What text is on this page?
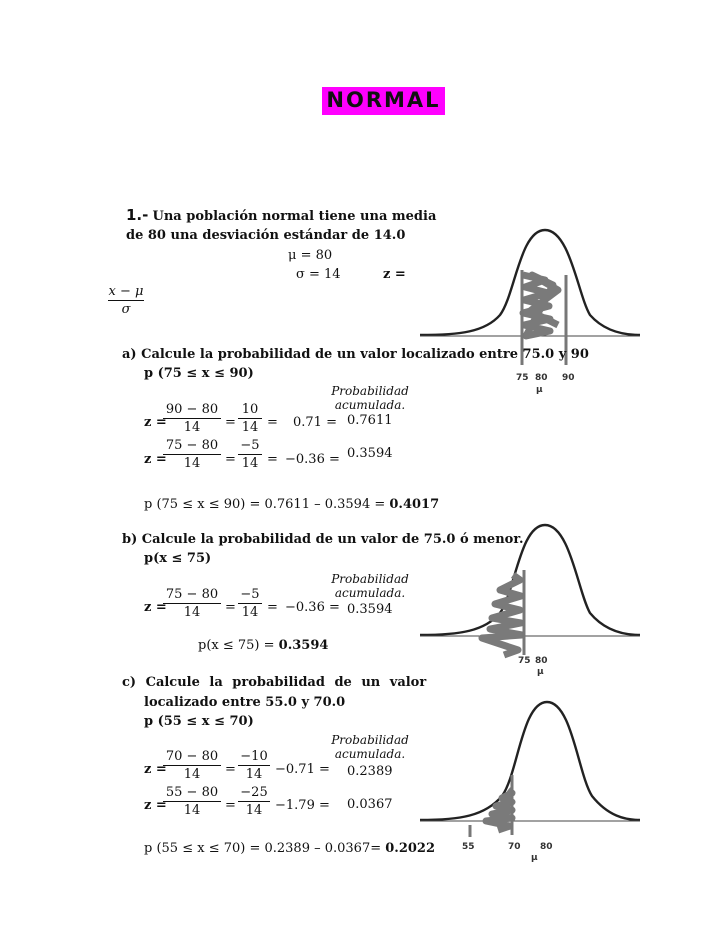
NORMAL
1.- Una población normal tiene una media
de 80 una desviación estándar de 14.0
μ = 80
σ = 14	z =
x − μ
σ
75 80 90
μ
a) Calcule la probabilidad de un valor localizado entre 75.0 y 90
p (75 ≤ x ≤ 90)
Probabilidad
acumulada.
z =
90 − 80
14	=
10
14 = 0.71 = 0.7611
z =
75 − 80
14	=
−5
14 = −0.36 = 0.3594
p (75 ≤ x ≤ 90) = 0.7611 – 0.3594 = 0.4017
75 80
μ
b) Calcule la probabilidad de un valor de 75.0 ó menor.
p(x ≤ 75)
Probabilidad
acumulada.
z =
75 − 80
14	=
−5
14 = −0.36 = 0.3594
p(x ≤ 75) = 0.3594
c) Calcule la probabilidad de un valor
localizado entre 55.0 y 70.0
p (55 ≤ x ≤ 70)
Probabilidad
acumulada.
z =
70 − 80
14	=
−10
14 −0.71 = 0.2389
z =
55 − 80
14	=
−25
14 −1.79 = 0.0367
p (55 ≤ x ≤ 70) = 0.2389 – 0.0367= 0.2022	55	70 80
μ
